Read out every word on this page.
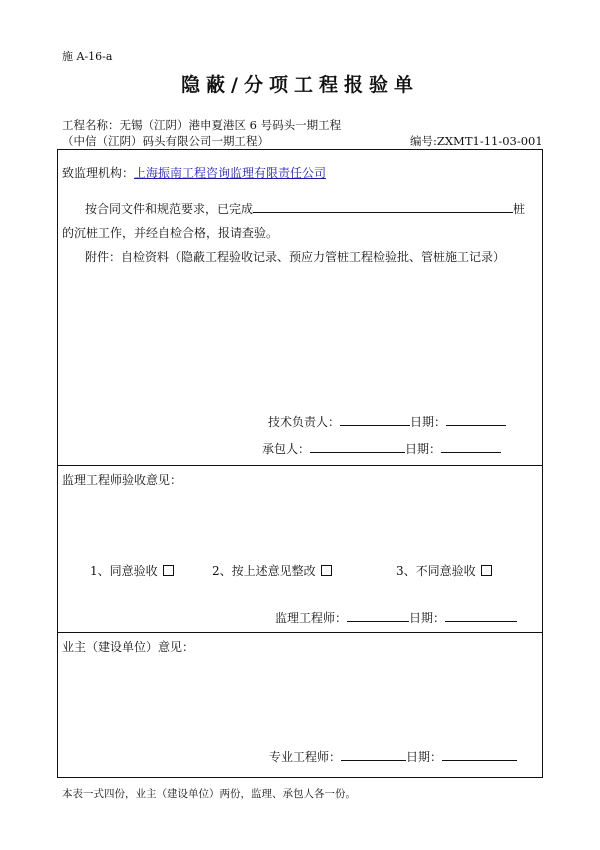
施 A-16-a
隐蔽/分项工程报验单
工程名称：无锡（江阴）港申夏港区 6 号码头一期工程
（中信（江阴）码头有限公司一期工程）	编号:ZXMT1-11-03-001
致监理机构：上海振南工程咨询监理有限责任公司
按合同文件和规范要求，已完成	桩
的沉桩工作，并经自检合格，报请查验。
附件：自检资料（隐蔽工程验收记录、预应力管桩工程检验批、管桩施工记录）
技术负责人：	日期：
承包人：	日期：
监理工程师验收意见：
1、同意验收	2、按上述意见整改	3、不同意验收
监理工程师：	日期：
业主（建设单位）意见：
专业工程师：	日期：
本表一式四份，业主（建设单位）两份，监理、承包人各一份。
